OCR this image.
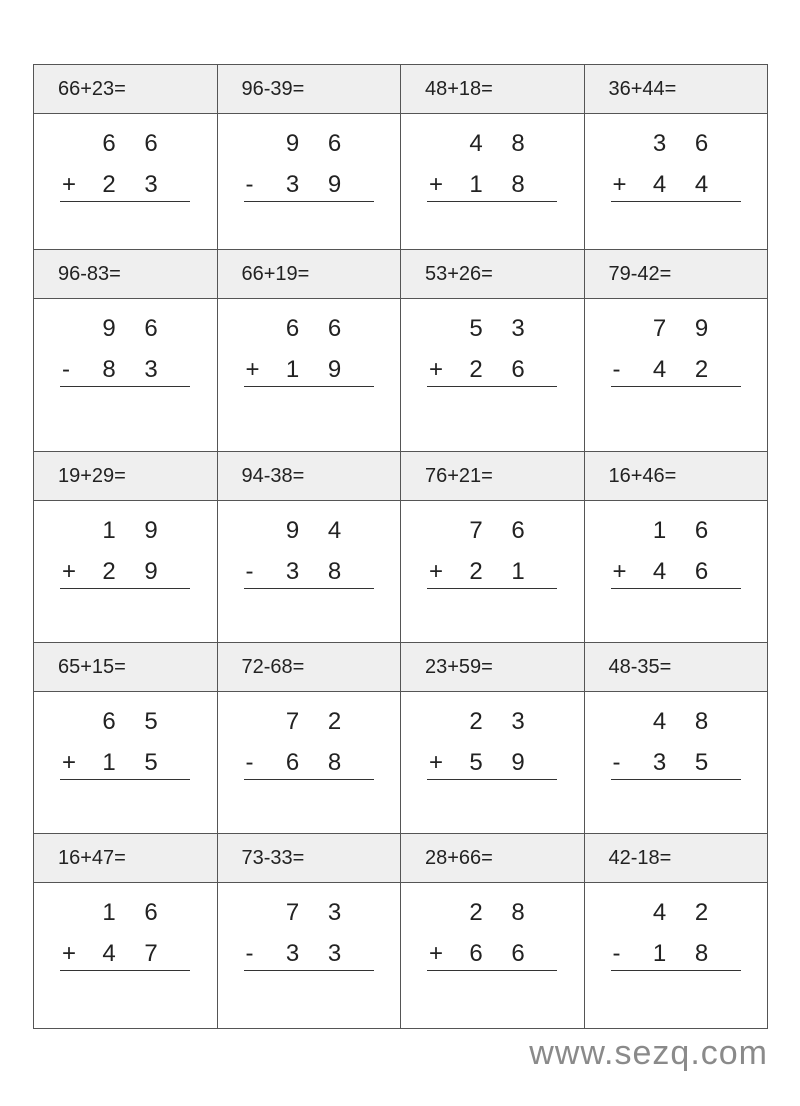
66+23=
6	6
+	2	3
96-39=
9	6
-	3	9
48+18=
4	8
+	1	8
36+44=
3	6
+	4	4
96-83=
9	6
-	8	3
66+19=
6	6
+	1	9
53+26=
5	3
+	2	6
79-42=
7	9
-	4	2
19+29=
1	9
+	2	9
94-38=
9	4
-	3	8
76+21=
7	6
+	2	1
16+46=
1	6
+	4	6
65+15=
6	5
+	1	5
72-68=
7	2
-	6	8
23+59=
2	3
+	5	9
48-35=
4	8
-	3	5
16+47=
1	6
+	4	7
73-33=
7	3
-	3	3
28+66=
2	8
+	6	6
42-18=
4	2
-	1	8
www.sezq.com
